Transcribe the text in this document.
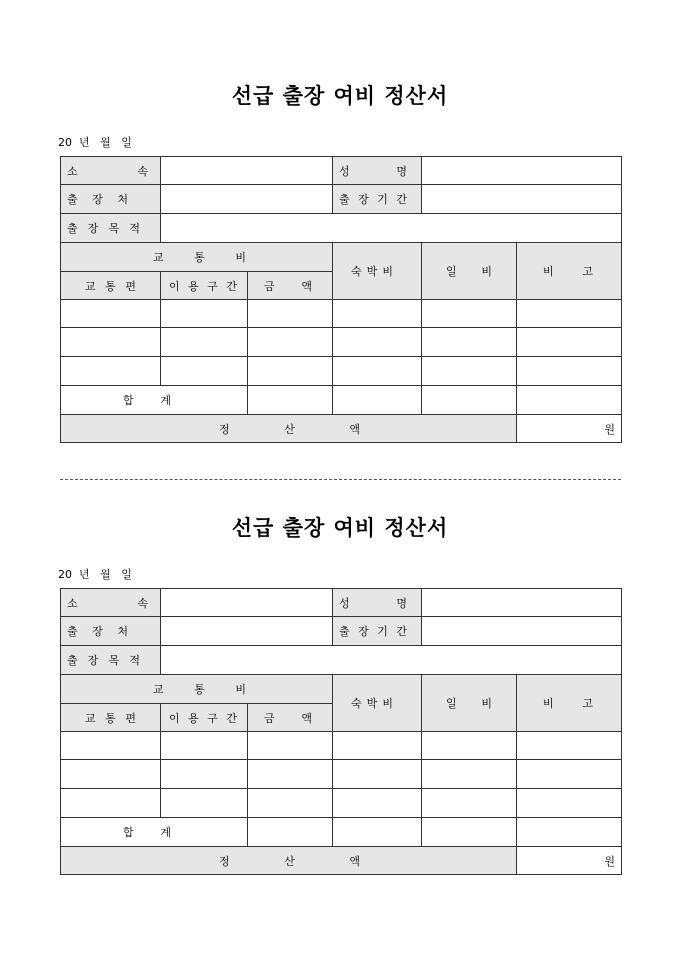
선급 출장 여비 정산서
20  년   월   일
소 속			성 명		

출 장 처			출 장 기 간		

출 장 목 적					

교 통 비			숙 박 비	일 비	비 고

교 통 편	이 용 구 간	금 액			

합 계					

정 산 액					원
선급 출장 여비 정산서
20  년   월   일
소 속			성 명		

출 장 처			출 장 기 간		

출 장 목 적					

교 통 비			숙 박 비	일 비	비 고

교 통 편	이 용 구 간	금 액			

합 계					

정 산 액					원
